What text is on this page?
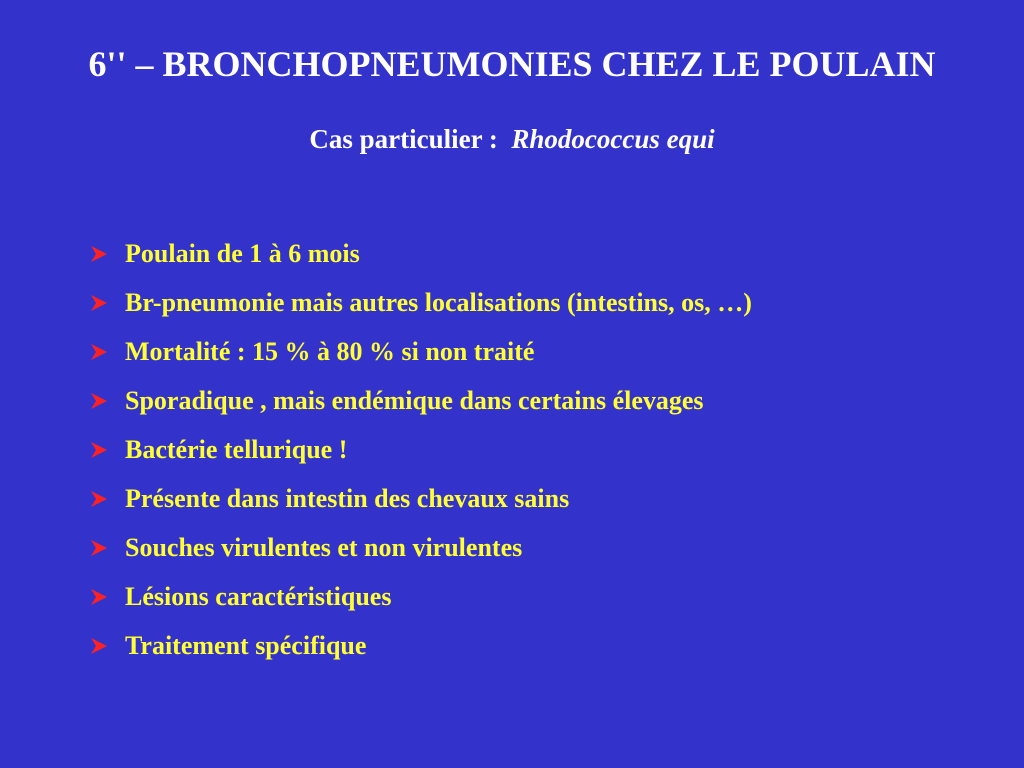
6'' – BRONCHOPNEUMONIES CHEZ LE POULAIN
Cas particulier : Rhodococcus equi
Poulain de 1 à 6 mois
Br-pneumonie mais autres localisations (intestins, os, …)
Mortalité : 15 % à 80 % si non traité
Sporadique , mais endémique dans certains élevages
Bactérie tellurique !
Présente dans intestin des chevaux sains
Souches virulentes et non virulentes
Lésions caractéristiques
Traitement spécifique
